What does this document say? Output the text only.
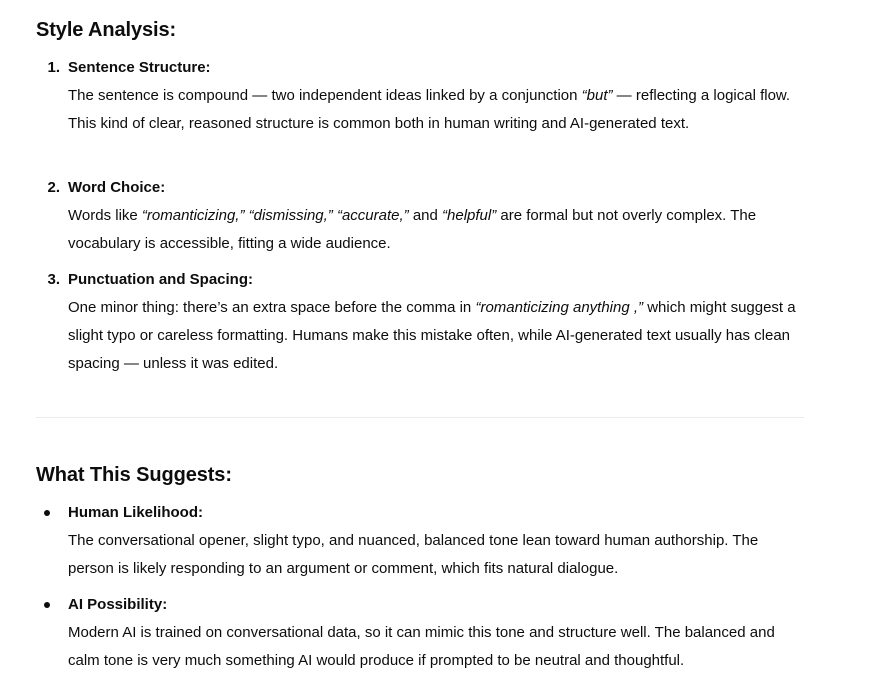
Style Analysis:
1. Sentence Structure:
The sentence is compound — two independent ideas linked by a conjunction “but” — reflecting a logical flow. This kind of clear, reasoned structure is common both in human writing and AI-generated text.
2. Word Choice:
Words like “romanticizing,” “dismissing,” “accurate,” and “helpful” are formal but not overly complex. The vocabulary is accessible, fitting a wide audience.
3. Punctuation and Spacing:
One minor thing: there’s an extra space before the comma in “romanticizing anything ,” which might suggest a slight typo or careless formatting. Humans make this mistake often, while AI-generated text usually has clean spacing — unless it was edited.
What This Suggests:
Human Likelihood:
The conversational opener, slight typo, and nuanced, balanced tone lean toward human authorship. The person is likely responding to an argument or comment, which fits natural dialogue.
AI Possibility:
Modern AI is trained on conversational data, so it can mimic this tone and structure well. The balanced and calm tone is very much something AI would produce if prompted to be neutral and thoughtful.
